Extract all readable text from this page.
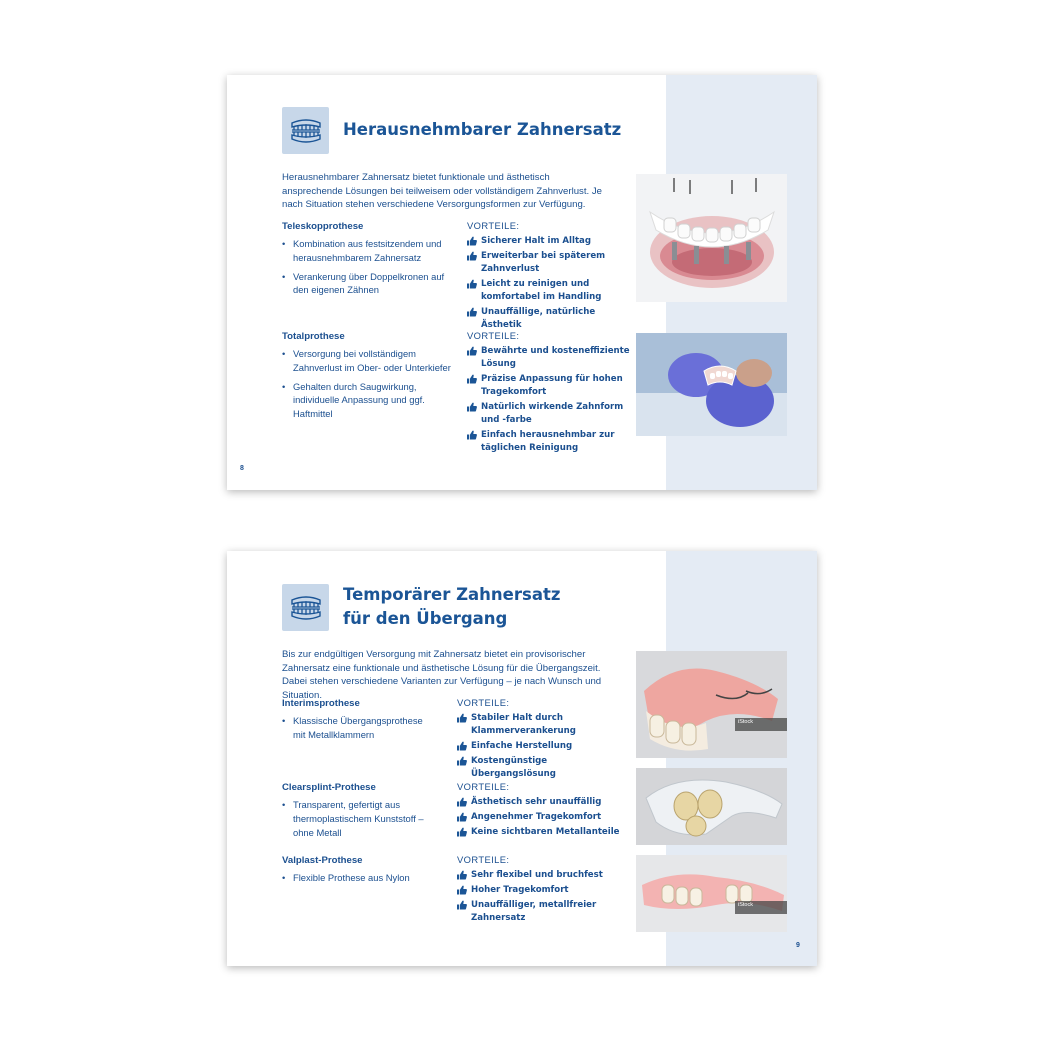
Herausnehmbarer Zahnersatz
Herausnehmbarer Zahnersatz bietet funktionale und ästhetisch ansprechende Lösungen bei teilweisem oder vollständigem Zahnverlust. Je nach Situation stehen verschiedene Versorgungsformen zur Verfügung.
Teleskopprothese
• Kombination aus festsitzendem und herausnehmbarem Zahnersatz
• Verankerung über Doppelkronen auf den eigenen Zähnen
VORTEILE:
Sicherer Halt im Alltag
Erweiterbar bei späterem Zahnverlust
Leicht zu reinigen und komfortabel im Handling
Unauffällige, natürliche Ästhetik
Totalprothese
• Versorgung bei vollständigem Zahnverlust im Ober- oder Unterkiefer
• Gehalten durch Saugwirkung, individuelle Anpassung und ggf. Haftmittel
VORTEILE:
Bewährte und kosteneffiziente Lösung
Präzise Anpassung für hohen Tragekomfort
Natürlich wirkende Zahnform und -farbe
Einfach herausnehmbar zur täglichen Reinigung
8
Temporärer Zahnersatz
für den Übergang
Bis zur endgültigen Versorgung mit Zahnersatz bietet ein provisorischer Zahnersatz eine funktionale und ästhetische Lösung für die Übergangszeit. Dabei stehen verschiedene Varianten zur Verfügung – je nach Wunsch und Situation.
Interimsprothese
• Klassische Übergangsprothese mit Metallklammern
VORTEILE:
Stabiler Halt durch Klammerverankerung
Einfache Herstellung
Kostengünstige Übergangslösung
Clearsplint-Prothese
• Transparent, gefertigt aus thermoplastischem Kunststoff – ohne Metall
VORTEILE:
Ästhetisch sehr unauffällig
Angenehmer Tragekomfort
Keine sichtbaren Metallanteile
Valplast-Prothese
• Flexible Prothese aus Nylon
VORTEILE:
Sehr flexibel und bruchfest
Hoher Tragekomfort
Unauffälliger, metallfreier Zahnersatz
iStock
iStock
9
